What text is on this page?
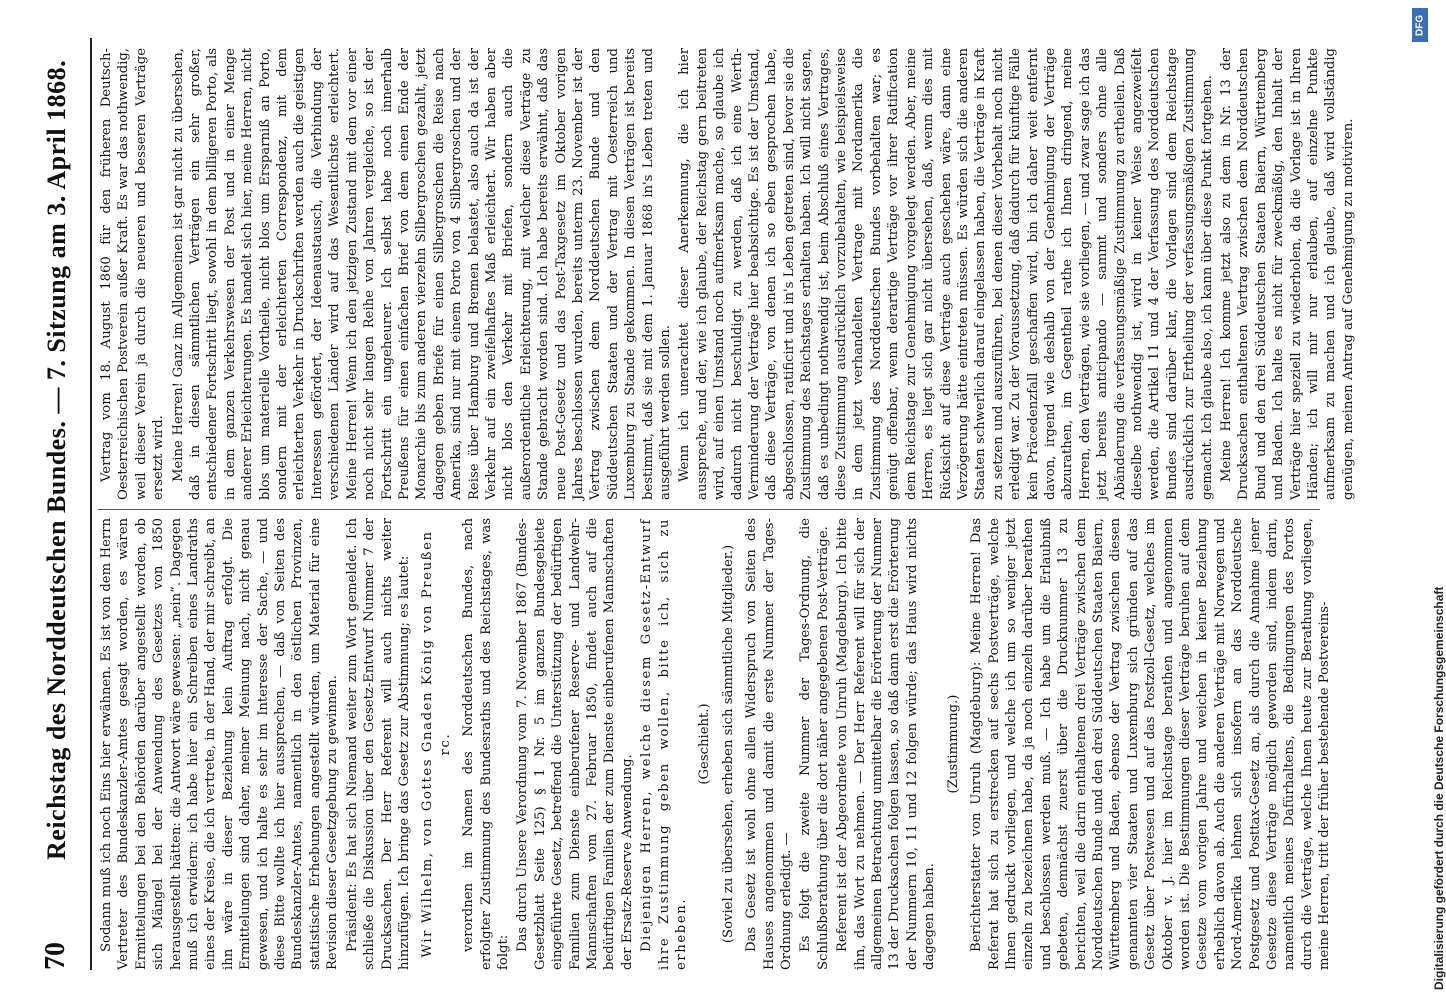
70
Reichstag des Norddeutschen Bundes. — 7. Sitzung am 3. April 1868. Sodann muß ich noch Eins hier erwähnen. Es ist von dem Herrn Vertreter des Bundeskanzler-Amtes gesagt worden, es wären Ermittelungen bei den Behörden darüber angestellt worden, ob sich Mängel bei der Anwendung des Gesetzes von 1850 herausgestellt hätten: die Antwort wäre gewesen: „nein“. Dagegen muß ich erwidern: ich habe hier ein Schreiben eines Landraths eines der Kreise, die ich vertrete, in der Hand, der mir schreibt, an ihn wäre in dieser Beziehung kein Auftrag erfolgt. Die Ermittelungen sind daher, meiner Meinung nach, nicht genau gewesen, und ich halte es sehr im Interesse der Sache, — und diese Bitte wollte ich hier aussprechen, — daß von Seiten des Bundeskanzler-Amtes, namentlich in den östlichen Provinzen, statistische Erhebungen angestellt würden, um Material für eine Revision dieser Gesetzgebung zu gewinnen. Präsident: Es hat sich Niemand weiter zum Wort gemeldet. Ich schließe die Diskussion über den Gesetz-Entwurf Nummer 7 der Drucksachen. Der Herr Referent will auch nichts weiter hinzufügen. Ich bringe das Gesetz zur Abstimmung; es lautet: Wir Wilhelm, von Gottes Gnaden König von Preußen rc. verordnen im Namen des Norddeutschen Bundes, nach erfolgter Zustimmung des Bundesraths und des Reichstages, was folgt:

Das durch Unsere Verordnung vom 7. November 1867 (Bundes-Gesetzblatt Seite 125) § 1 Nr. 5 im ganzen Bundesgebiete eingeführte Gesetz, betreffend die Unterstützung der bedürftigen Familien zum Dienste einberufener Reserve- und Landwehr-Mannschaften vom 27. Februar 1850, findet auch auf die bedürftigen Familien der zum Dienste einberufenen Mannschaften der Ersatz-Reserve Anwendung. Diejenigen Herren, welche diesem Gesetz-Entwurf ihre Zustimmung geben wollen, bitte ich, sich zu erheben.

(Geschieht.) (Soviel zu übersehen, erheben sich sämmtliche Mitglieder.) Das Gesetz ist wohl ohne allen Widerspruch von Seiten des Hauses angenommen und damit die erste Nummer der Tages-Ordnung erledigt. — Es folgt die zweite Nummer der Tages-Ordnung, die Schlußberathung über die dort näher angegebenen Post-Verträge. Referent ist der Abgeordnete von Unruh (Magdeburg). Ich bitte ihn, das Wort zu nehmen. — Der Herr Referent will für sich der allgemeinen Betrachtung unmittelbar die Erörterung der Nummer 13 der Drucksachen folgen lassen, so daß dann erst die Erörterung der Nummern 10, 11 und 12 folgen würde; das Haus wird nichts dagegen haben.

(Zustimmung.) Berichterstatter von Unruh (Magdeburg): Meine Herren! Das Referat hat sich zu erstrecken auf sechs Postverträge, welche Ihnen gedruckt vorliegen, und welche ich um so weniger jetzt einzeln zu bezeichnen habe, da ja noch einzeln darüber berathen und beschlossen werden muß. — Ich habe um die Erlaubniß gebeten, demnächst zuerst über die Drucknummer 13 zu berichten, weil die darin enthaltenen drei Verträge zwischen dem Norddeutschen Bunde und den drei Süddeutschen Staaten Baiern, Württemberg und Baden, ebenso der Vertrag zwischen diesen genannten vier Staaten und Luxemburg sich gründen auf das Gesetz über Postwesen und auf das Postzoll-Gesetz, welches im Oktober v. J. hier im Reichstage berathen und angenommen worden ist. Die Bestimmungen dieser Verträge beruhen auf dem Gesetze vom vorigen Jahre und weichen in keiner Beziehung erheblich davon ab. Auch die anderen Verträge mit Norwegen und Nord-Amerika lehnen sich insofern an das Norddeutsche Postgesetz und Posttax-Gesetz an, als durch die Annahme jener Gesetze diese Verträge möglich geworden sind, indem darin, namentlich meines Dafürhaltens, die Bedingungen des Portos durch die Verträge, welche Ihnen heute zur Berathung vorliegen, meine Herren, tritt der früher bestehende Postvereins-

Vertrag vom 18. August 1860 für den früheren Deutsch-Oesterreichischen Postverein außer Kraft. Es war das nothwendig, weil dieser Verein ja durch die neueren und besseren Verträge ersetzt wird. Meine Herren! Ganz im Allgemeinen ist gar nicht zu übersehen, daß in diesen sämmtlichen Verträgen ein sehr großer, entschiedener Fortschritt liegt, sowohl in dem billigeren Porto, als in dem ganzen Verkehrswesen der Post und in einer Menge anderer Erleichterungen. Es handelt sich hier, meine Herren, nicht blos um materielle Vortheile, nicht blos um Ersparniß an Porto, sondern mit der erleichterten Correspondenz, mit dem erleichterten Verkehr in Druckschriften werden auch die geistigen Interessen gefördert, der Ideenaustausch, die Verbindung der verschiedenen Länder wird auf das Wesentlichste erleichtert. Meine Herren! Wenn ich den jetzigen Zustand mit dem vor einer noch nicht sehr langen Reihe von Jahren vergleiche, so ist der Fortschritt ein ungeheurer. Ich selbst habe noch innerhalb Preußens für einen einfachen Brief von dem einen Ende der Monarchie bis zum anderen vierzehn Silbergroschen gezahlt, jetzt dagegen geben Briefe für einen Silbergroschen die Reise nach Amerika, sind nur mit einem Porto von 4 Silbergroschen und der Reise über Hamburg und Bremen belastet, also auch da ist der Verkehr auf ein zweifelhaftes Maß erleichtert. Wir haben aber nicht blos den Verkehr mit Briefen, sondern auch die außerordentliche Erleichterung, mit welcher diese Verträge zu Stande gebracht worden sind. Ich habe bereits erwähnt, daß das neue Post-Gesetz und das Post-Taxgesetz im Oktober vorigen Jahres beschlossen wurden, bereits unterm 23. November ist der Vertrag zwischen dem Norddeutschen Bunde und den Süddeutschen Staaten und der Vertrag mit Oesterreich und Luxemburg zu Stande gekommen. In diesen Verträgen ist bereits bestimmt, daß sie mit dem 1. Januar 1868 in's Leben treten und ausgeführt werden sollen. Wenn ich unerachtet dieser Anerkennung, die ich hier ausspreche, und der, wie ich glaube, der Reichstag gern beitreten wird, auf einen Umstand noch aufmerksam mache, so glaube ich dadurch nicht beschuldigt zu werden, daß ich eine Werth-Verminderung der Verträge hier beabsichtige. Es ist der Umstand, daß diese Verträge, von denen ich so eben gesprochen habe, abgeschlossen, ratificirt und in's Leben getreten sind, bevor sie die Zustimmung des Reichstages erhalten haben. Ich will nicht sagen, daß es unbedingt nothwendig ist, beim Abschluß eines Vertrages, diese Zustimmung ausdrücklich vorzubehalten, wie beispielsweise in dem jetzt verhandelten Vertrage mit Nordamerika die Zustimmung des Norddeutschen Bundes vorbehalten war; es genügt offenbar, wenn derartige Verträge vor ihrer Ratification dem Reichstage zur Genehmigung vorgelegt werden. Aber, meine Herren, es liegt sich gar nicht übersehen, daß, wenn dies mit Rücksicht auf diese Verträge auch geschehen wäre, dann eine Verzögerung hätte eintreten müssen. Es würden sich die anderen Staaten schwerlich darauf eingelassen haben, die Verträge in Kraft zu setzen und auszuführen, bei denen dieser Vorbehalt noch nicht erledigt war. Zu der Voraussetzung, daß dadurch für künftige Fälle kein Präcedenzfall geschaffen wird, bin ich daher weit entfernt davon, irgend wie deshalb von der Genehmigung der Verträge abzurathen, im Gegentheil rathe ich Ihnen dringend, meine Herren, den Verträgen, wie sie vorliegen, — und zwar sage ich das jetzt bereits anticipando — sammt und sonders ohne alle Abänderung die verfassungsmäßige Zustimmung zu ertheilen. Daß dieselbe nothwendig ist, wird in keiner Weise angezweifelt werden, die Artikel 11 und 4 der Verfassung des Norddeutschen Bundes sind darüber klar, die Vorlagen sind dem Reichstage ausdrücklich zur Ertheilung der verfassungsmäßigen Zustimmung gemacht. Ich glaube also, ich kann über diese Punkt fortgehen. Meine Herren! Ich komme jetzt also zu dem in Nr. 13 der Drucksachen enthaltenen Vertrag zwischen dem Norddeutschen Bund und den drei Süddeutschen Staaten Baiern, Württemberg und Baden. Ich halte es nicht für zweckmäßig, den Inhalt der Verträge hier speziell zu wiederholen, da die Vorlage ist in Ihren Händen; ich will mir nur erlauben, auf einzelne Punkte aufmerksam zu machen und ich glaube, daß wird vollständig genügen, meinen Antrag auf Genehmigung zu motiviren.

DFG
Digitalisierung gefördert durch die Deutsche Forschungsgemeinschaft
